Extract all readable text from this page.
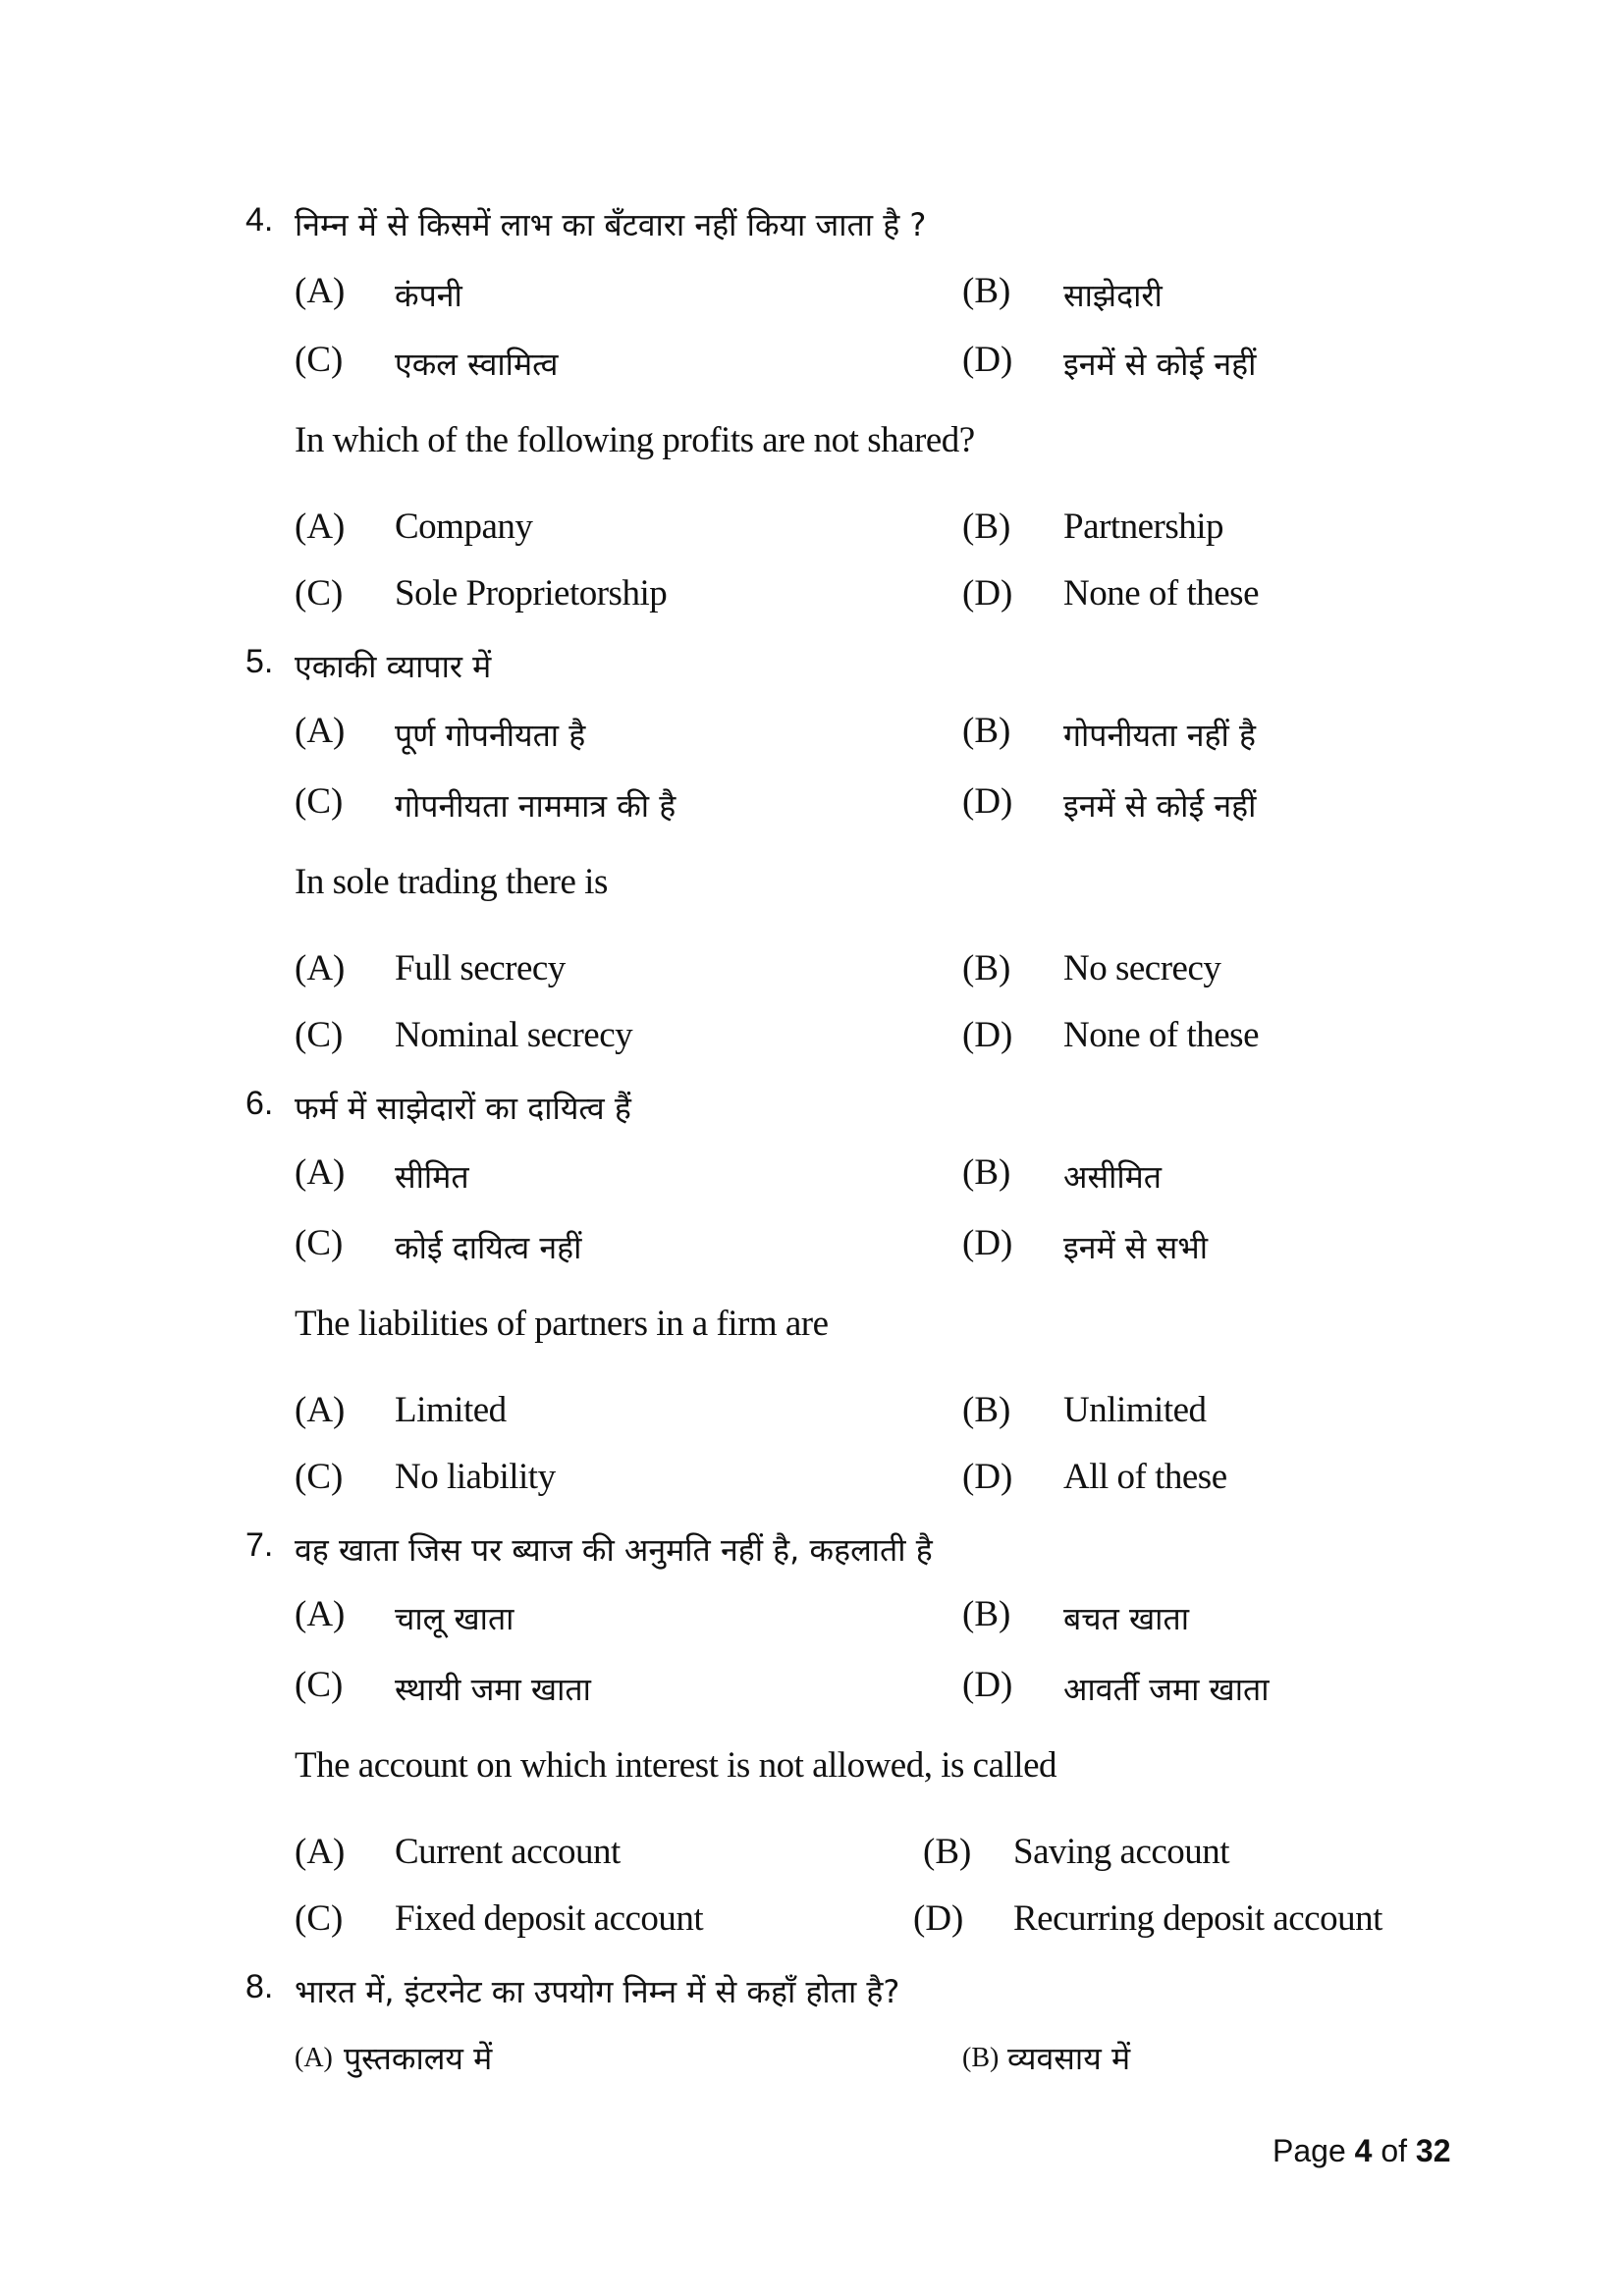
4. निम्न में से किसमें लाभ का बँटवारा नहीं किया जाता है ?
(A) कंपनी	(B) साझेदारी
(C) एकल स्वामित्व	(D) इनमें से कोई नहीं
In which of the following profits are not shared?
(A) Company	(B) Partnership
(C) Sole Proprietorship	(D) None of these
5. एकाकी व्यापार में
(A) पूर्ण गोपनीयता है	(B) गोपनीयता नहीं है
(C) गोपनीयता नाममात्र की है	(D) इनमें से कोई नहीं
In sole trading there is
(A) Full secrecy	(B) No secrecy
(C) Nominal secrecy	(D) None of these
6. फर्म में साझेदारों का दायित्व हैं
(A) सीमित	(B) असीमित
(C) कोई दायित्व नहीं	(D) इनमें से सभी
The liabilities of partners in a firm are
(A) Limited	(B) Unlimited
(C) No liability	(D) All of these
7. वह खाता जिस पर ब्याज की अनुमति नहीं है, कहलाती है
(A) चालू खाता	(B) बचत खाता
(C) स्थायी जमा खाता	(D) आवर्ती जमा खाता
The account on which interest is not allowed, is called
(A) Current account	(B) Saving account
(C) Fixed deposit account	(D) Recurring deposit account
8. भारत में, इंटरनेट का उपयोग निम्न में से कहाँ होता है?
(A) पुस्तकालय में	(B) व्यवसाय में
Page 4 of 32
